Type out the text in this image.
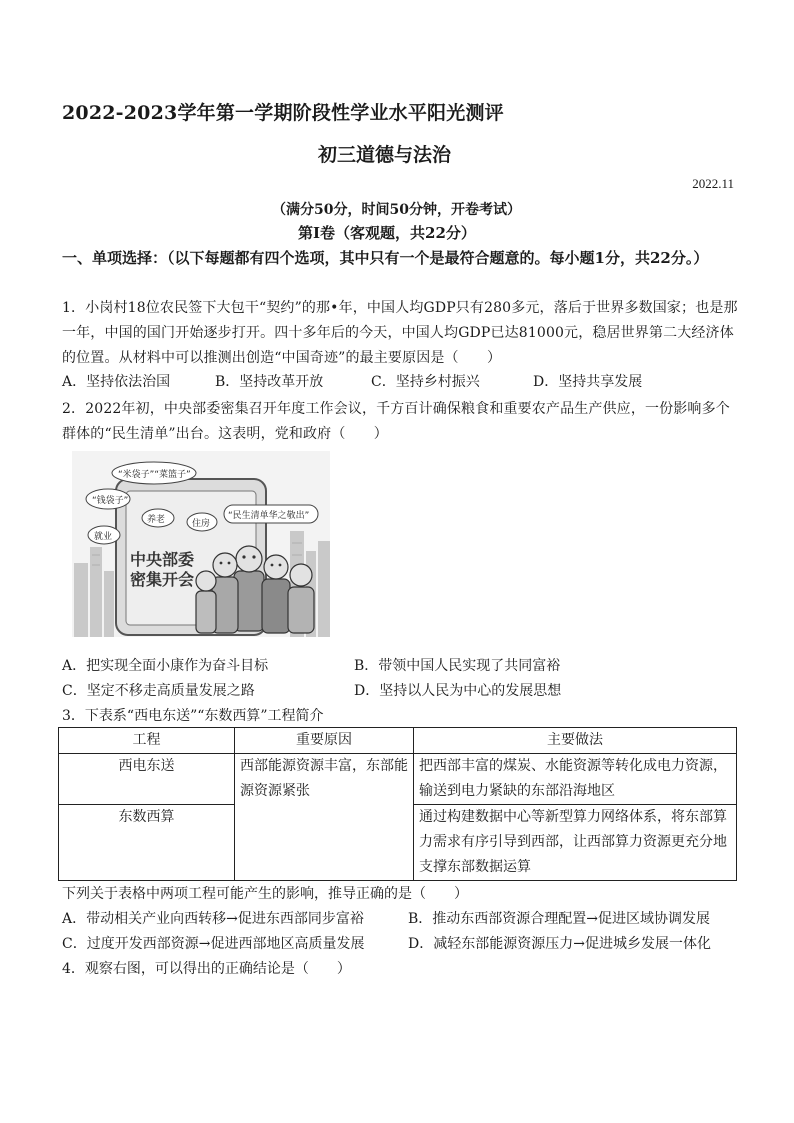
2022-2023学年第一学期阶段性学业水平阳光测评
初三道德与法治
2022.11
（满分50分，时间50分钟，开卷考试）
第Ⅰ卷（客观题，共22分）
一、单项选择：（以下每题都有四个选项，其中只有一个是最符合题意的。每小题1分，共22分。）
1．小岗村18位农民签下大包干“契约”的那•年，中国人均GDP只有280多元，落后于世界多数国家；也是那一年，中国的国门开始逐步打开。四十多年后的今天，中国人均GDP已达81000元，稳居世界第二大经济体的位置。从材料中可以推测出创造“中国奇迹”的最主要原因是（　　）
A．坚持依法治国	B．坚持改革开放	C．坚持乡村振兴	D．坚持共享发展
2．2022年初，中央部委密集召开年度工作会议，千方百计确保粮食和重要农产品生产供应，一份影响多个群体的“民生清单”出台。这表明，党和政府（　　）
中央部委
密集开会
“米袋子”“菜篮子”
“钱袋子”
养老	住房
就业
“民生清单华之敬出”
A．把实现全面小康作为奋斗目标	B．带领中国人民实现了共同富裕
C．坚定不移走高质量发展之路	D．坚持以人民为中心的发展思想
3．下表系“西电东送”“东数西算”工程简介
工程	重要原因	主要做法
西电东送	西部能源资源丰富，东部能源资源紧张	把西部丰富的煤炭、水能资源等转化成电力资源，输送到电力紧缺的东部沿海地区
东数西算		通过构建数据中心等新型算力网络体系，将东部算力需求有序引导到西部，让西部算力资源更充分地支撑东部数据运算
下列关于表格中两项工程可能产生的影响，推导正确的是（　　）
A．带动相关产业向西转移→促进东西部同步富裕	B．推动东西部资源合理配置→促进区域协调发展
C．过度开发西部资源→促进西部地区高质量发展	D．减轻东部能源资源压力→促进城乡发展一体化
4．观察右图，可以得出的正确结论是（　　）
